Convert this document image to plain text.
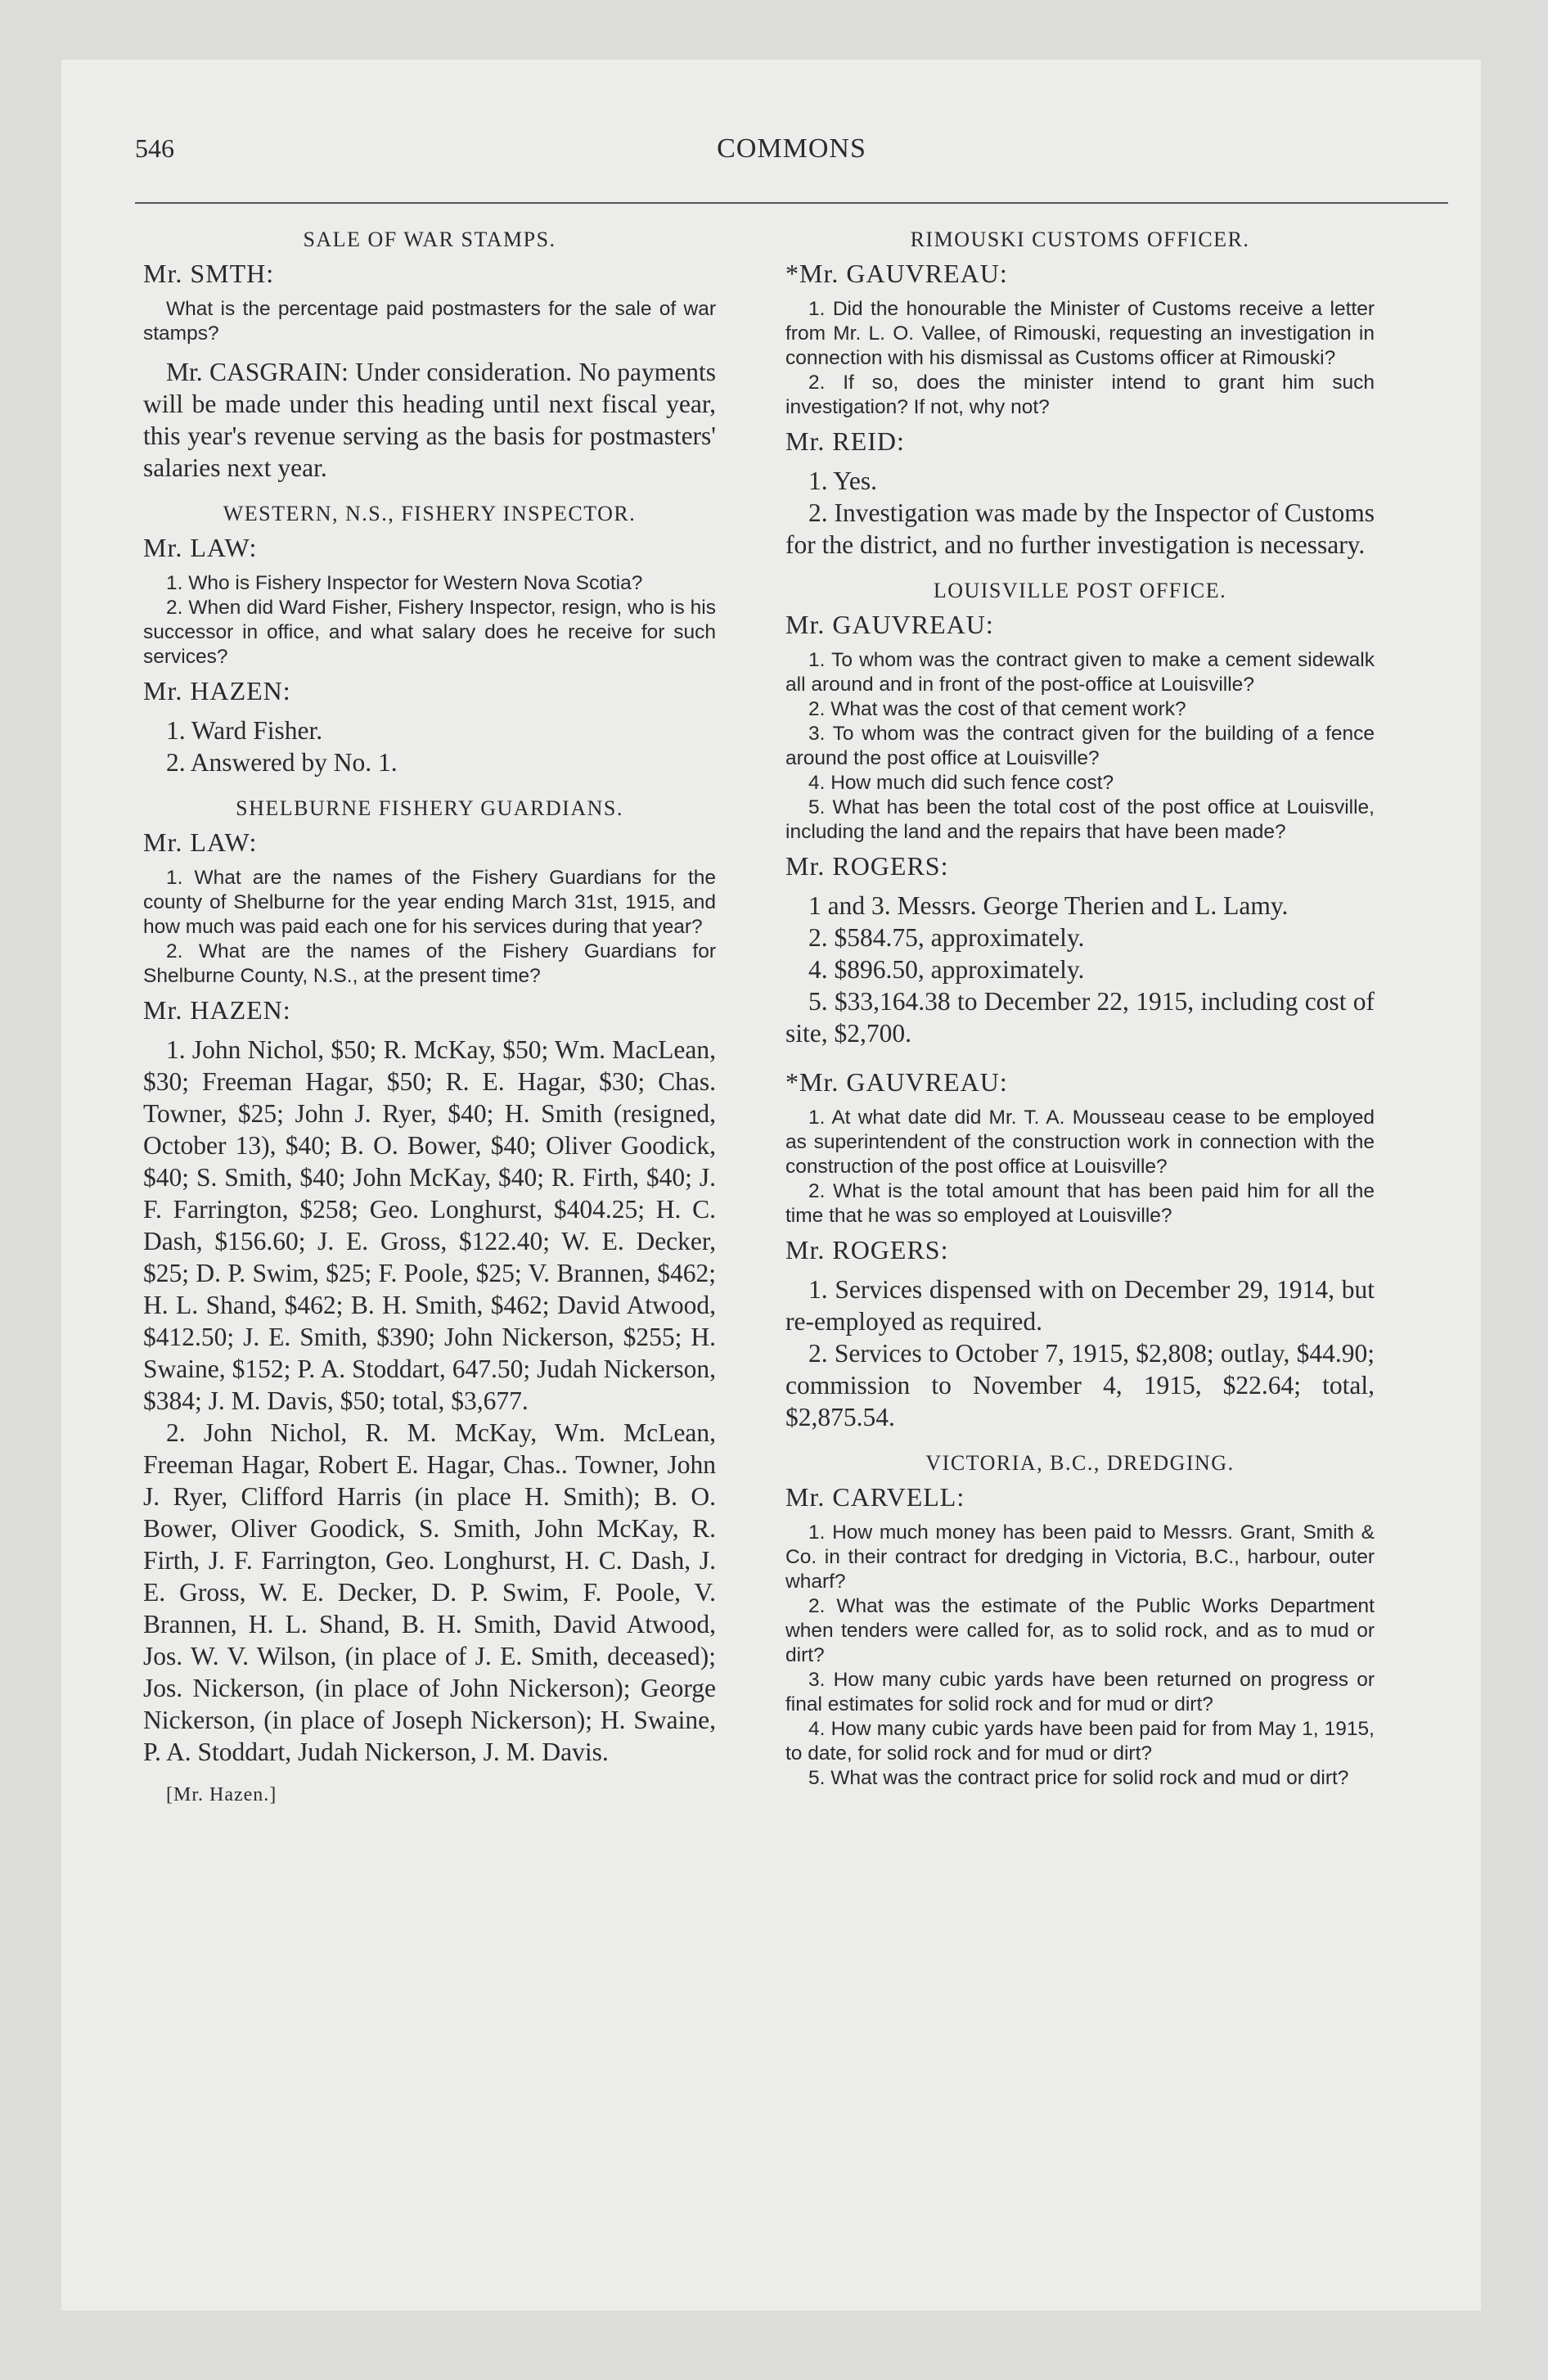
546	COMMONS
SALE OF WAR STAMPS.
Mr. SMTH:

What is the percentage paid postmasters for the sale of war stamps?

Mr. CASGRAIN: Under consideration. No payments will be made under this heading until next fiscal year, this year's revenue serving as the basis for postmasters' salaries next year.

WESTERN, N.S., FISHERY INSPECTOR.
Mr. LAW:

1. Who is Fishery Inspector for Western Nova Scotia?

2. When did Ward Fisher, Fishery Inspector, resign, who is his successor in office, and what salary does he receive for such services?

Mr. HAZEN:

1. Ward Fisher.

2. Answered by No. 1.

SHELBURNE FISHERY GUARDIANS.
Mr. LAW:

1. What are the names of the Fishery Guardians for the county of Shelburne for the year ending March 31st, 1915, and how much was paid each one for his services during that year?

2. What are the names of the Fishery Guardians for Shelburne County, N.S., at the present time?

Mr. HAZEN:

1. John Nichol, $50; R. McKay, $50; Wm. MacLean, $30; Freeman Hagar, $50; R. E. Hagar, $30; Chas. Towner, $25; John J. Ryer, $40; H. Smith (resigned, October 13), $40; B. O. Bower, $40; Oliver Goodick, $40; S. Smith, $40; John McKay, $40; R. Firth, $40; J. F. Farrington, $258; Geo. Longhurst, $404.25; H. C. Dash, $156.60; J. E. Gross, $122.40; W. E. Decker, $25; D. P. Swim, $25; F. Poole, $25; V. Brannen, $462; H. L. Shand, $462; B. H. Smith, $462; David Atwood, $412.50; J. E. Smith, $390; John Nickerson, $255; H. Swaine, $152; P. A. Stoddart, 647.50; Judah Nickerson, $384; J. M. Davis, $50; total, $3,677.

2. John Nichol, R. M. McKay, Wm. McLean, Freeman Hagar, Robert E. Hagar, Chas.. Towner, John J. Ryer, Clifford Harris (in place H. Smith); B. O. Bower, Oliver Goodick, S. Smith, John McKay, R. Firth, J. F. Farrington, Geo. Longhurst, H. C. Dash, J. E. Gross, W. E. Decker, D. P. Swim, F. Poole, V. Brannen, H. L. Shand, B. H. Smith, David Atwood, Jos. W. V. Wilson, (in place of J. E. Smith, deceased); Jos. Nickerson, (in place of John Nickerson); George Nickerson, (in place of Joseph Nickerson); H. Swaine, P. A. Stoddart, Judah Nickerson, J. M. Davis.

[Mr. Hazen.]
RIMOUSKI CUSTOMS OFFICER.
*Mr. GAUVREAU:

1. Did the honourable the Minister of Customs receive a letter from Mr. L. O. Vallee, of Rimouski, requesting an investigation in connection with his dismissal as Customs officer at Rimouski?

2. If so, does the minister intend to grant him such investigation? If not, why not?

Mr. REID:

1. Yes.

2. Investigation was made by the Inspector of Customs for the district, and no further investigation is necessary.

LOUISVILLE POST OFFICE.
Mr. GAUVREAU:

1. To whom was the contract given to make a cement sidewalk all around and in front of the post-office at Louisville?

2. What was the cost of that cement work?

3. To whom was the contract given for the building of a fence around the post office at Louisville?

4. How much did such fence cost?

5. What has been the total cost of the post office at Louisville, including the land and the repairs that have been made?

Mr. ROGERS:

1 and 3. Messrs. George Therien and L. Lamy.

2. $584.75, approximately.

4. $896.50, approximately.

5. $33,164.38 to December 22, 1915, including cost of site, $2,700.

*Mr. GAUVREAU:

1. At what date did Mr. T. A. Mousseau cease to be employed as superintendent of the construction work in connection with the construction of the post office at Louisville?

2. What is the total amount that has been paid him for all the time that he was so employed at Louisville?

Mr. ROGERS:

1. Services dispensed with on December 29, 1914, but re-employed as required.

2. Services to October 7, 1915, $2,808; outlay, $44.90; commission to November 4, 1915, $22.64; total, $2,875.54.

VICTORIA, B.C., DREDGING.
Mr. CARVELL:

1. How much money has been paid to Messrs. Grant, Smith & Co. in their contract for dredging in Victoria, B.C., harbour, outer wharf?

2. What was the estimate of the Public Works Department when tenders were called for, as to solid rock, and as to mud or dirt?

3. How many cubic yards have been returned on progress or final estimates for solid rock and for mud or dirt?

4. How many cubic yards have been paid for from May 1, 1915, to date, for solid rock and for mud or dirt?

5. What was the contract price for solid rock and mud or dirt?
